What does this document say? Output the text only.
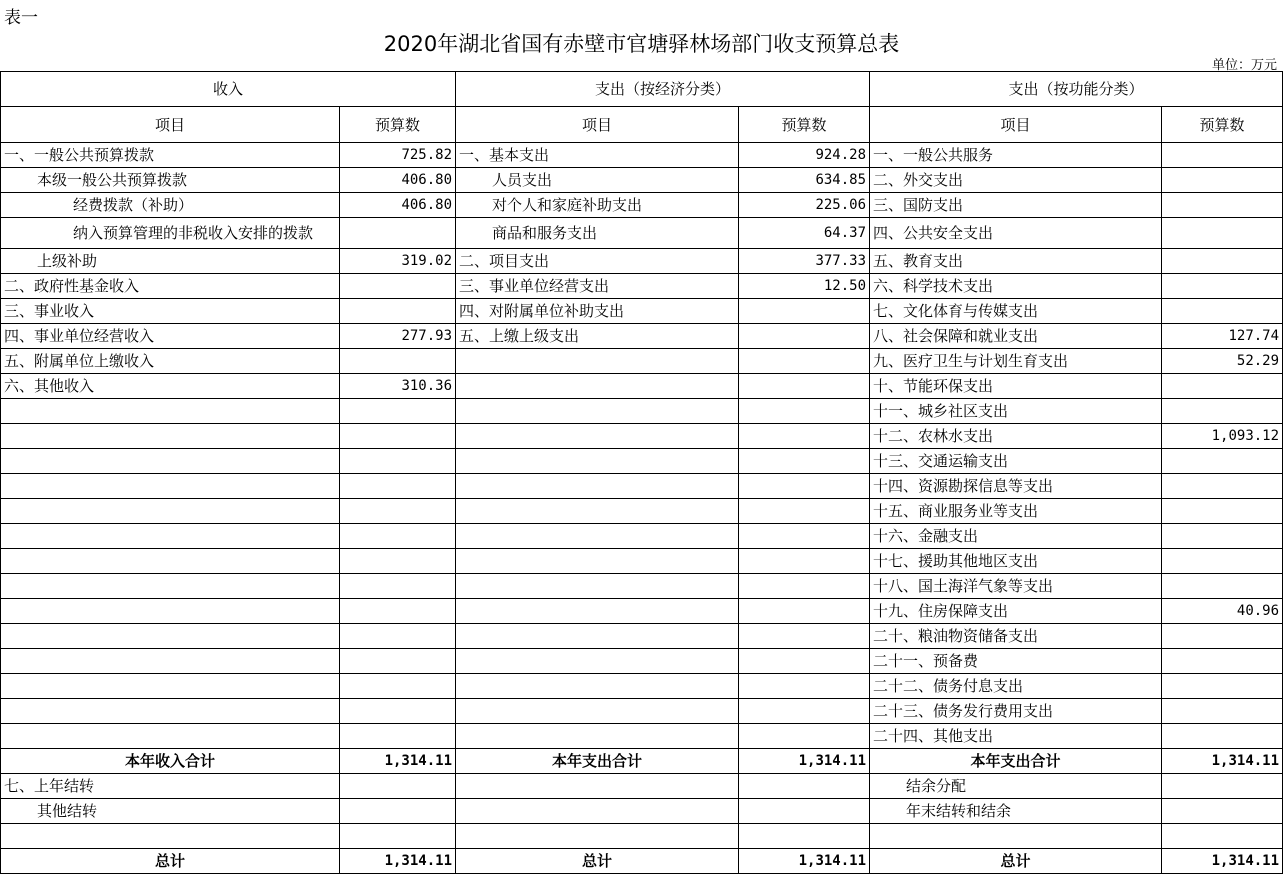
表一
2020年湖北省国有赤壁市官塘驿林场部门收支预算总表
单位：万元
收入		支出（按经济分类）		支出（按功能分类）	
项目	预算数	项目	预算数	项目	预算数
一、一般公共预算拨款	725.82	一、基本支出	924.28	一、一般公共服务	
本级一般公共预算拨款	406.80	人员支出	634.85	二、外交支出	
经费拨款（补助）	406.80	对个人和家庭补助支出	225.06	三、国防支出	
纳入预算管理的非税收入安排的拨款		商品和服务支出	64.37	四、公共安全支出	
上级补助	319.02	二、项目支出	377.33	五、教育支出	
二、政府性基金收入		三、事业单位经营支出	12.50	六、科学技术支出	
三、事业收入		四、对附属单位补助支出		七、文化体育与传媒支出	
四、事业单位经营收入	277.93	五、上缴上级支出		八、社会保障和就业支出	127.74
五、附属单位上缴收入				九、医疗卫生与计划生育支出	52.29
六、其他收入	310.36			十、节能环保支出	
				十一、城乡社区支出	
				十二、农林水支出	1,093.12
				十三、交通运输支出	
				十四、资源勘探信息等支出	
				十五、商业服务业等支出	
				十六、金融支出	
				十七、援助其他地区支出	
				十八、国土海洋气象等支出	
				十九、住房保障支出	40.96
				二十、粮油物资储备支出	
				二十一、预备费	
				二十二、债务付息支出	
				二十三、债务发行费用支出	
				二十四、其他支出	
本年收入合计	1,314.11	本年支出合计	1,314.11	本年支出合计	1,314.11
七、上年结转				结余分配	
其他结转				年末结转和结余	

总计	1,314.11	总计	1,314.11	总计	1,314.11
